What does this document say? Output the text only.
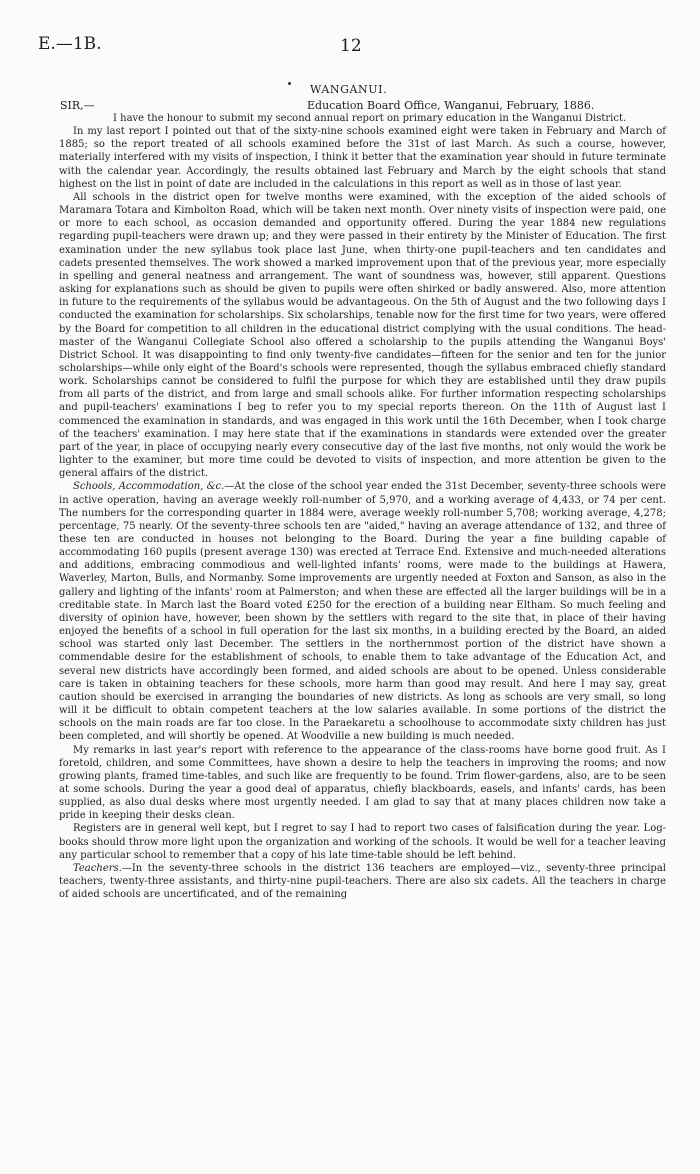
E.—1B.	12
WANGANUI.
SIR,—	Education Board Office, Wanganui, February, 1886.

I have the honour to submit my second annual report on primary education in the Wanganui District.

In my last report I pointed out that of the sixty-nine schools examined eight were taken in February and March of 1885; so the report treated of all schools examined before the 31st of last March. As such a course, however, materially interfered with my visits of inspection, I think it better that the examination year should in future terminate with the calendar year. Accordingly, the results obtained last February and March by the eight schools that stand highest on the list in point of date are included in the calculations in this report as well as in those of last year.

All schools in the district open for twelve months were examined, with the exception of the aided schools of Maramara Totara and Kimbolton Road, which will be taken next month. Over ninety visits of inspection were paid, one or more to each school, as occasion demanded and opportunity offered. During the year 1884 new regulations regarding pupil-teachers were drawn up; and they were passed in their entirety by the Minister of Education. The first examination under the new syllabus took place last June, when thirty-one pupil-teachers and ten candidates and cadets presented themselves. The work showed a marked improvement upon that of the previous year, more especially in spelling and general neatness and arrangement. The want of soundness was, however, still apparent. Questions asking for explanations such as should be given to pupils were often shirked or badly answered. Also, more attention in future to the requirements of the syllabus would be advantageous. On the 5th of August and the two following days I conducted the examination for scholarships. Six scholarships, tenable now for the first time for two years, were offered by the Board for competition to all children in the educational district complying with the usual conditions. The head-master of the Wanganui Collegiate School also offered a scholarship to the pupils attending the Wanganui Boys' District School. It was disappointing to find only twenty-five candidates—fifteen for the senior and ten for the junior scholarships—while only eight of the Board's schools were represented, though the syllabus embraced chiefly standard work. Scholarships cannot be considered to fulfil the purpose for which they are established until they draw pupils from all parts of the district, and from large and small schools alike. For further information respecting scholarships and pupil-teachers' examinations I beg to refer you to my special reports thereon. On the 11th of August last I commenced the examination in standards, and was engaged in this work until the 16th December, when I took charge of the teachers' examination. I may here state that if the examinations in standards were extended over the greater part of the year, in place of occupying nearly every consecutive day of the last five months, not only would the work be lighter to the examiner, but more time could be devoted to visits of inspection, and more attention be given to the general affairs of the district.

Schools, Accommodation, &c.—At the close of the school year ended the 31st December, seventy-three schools were in active operation, having an average weekly roll-number of 5,970, and a working average of 4,433, or 74 per cent. The numbers for the corresponding quarter in 1884 were, average weekly roll-number 5,708; working average, 4,278; percentage, 75 nearly. Of the seventy-three schools ten are "aided," having an average attendance of 132, and three of these ten are conducted in houses not belonging to the Board. During the year a fine building capable of accommodating 160 pupils (present average 130) was erected at Terrace End. Extensive and much-needed alterations and additions, embracing commodious and well-lighted infants' rooms, were made to the buildings at Hawera, Waverley, Marton, Bulls, and Normanby. Some improvements are urgently needed at Foxton and Sanson, as also in the gallery and lighting of the infants' room at Palmerston; and when these are effected all the larger buildings will be in a creditable state. In March last the Board voted £250 for the erection of a building near Eltham. So much feeling and diversity of opinion have, however, been shown by the settlers with regard to the site that, in place of their having enjoyed the benefits of a school in full operation for the last six months, in a building erected by the Board, an aided school was started only last December. The settlers in the northernmost portion of the district have shown a commendable desire for the establishment of schools, to enable them to take advantage of the Education Act, and several new districts have accordingly been formed, and aided schools are about to be opened. Unless considerable care is taken in obtaining teachers for these schools, more harm than good may result. And here I may say, great caution should be exercised in arranging the boundaries of new districts. As long as schools are very small, so long will it be difficult to obtain competent teachers at the low salaries available. In some portions of the district the schools on the main roads are far too close. In the Paraekaretu a schoolhouse to accommodate sixty children has just been completed, and will shortly be opened. At Woodville a new building is much needed.

My remarks in last year's report with reference to the appearance of the class-rooms have borne good fruit. As I foretold, children, and some Committees, have shown a desire to help the teachers in improving the rooms; and now growing plants, framed time-tables, and such like are frequently to be found. Trim flower-gardens, also, are to be seen at some schools. During the year a good deal of apparatus, chiefly blackboards, easels, and infants' cards, has been supplied, as also dual desks where most urgently needed. I am glad to say that at many places children now take a pride in keeping their desks clean.

Registers are in general well kept, but I regret to say I had to report two cases of falsification during the year. Log-books should throw more light upon the organization and working of the schools. It would be well for a teacher leaving any particular school to remember that a copy of his late time-table should be left behind.

Teachers.—In the seventy-three schools in the district 136 teachers are employed—viz., seventy-three principal teachers, twenty-three assistants, and thirty-nine pupil-teachers. There are also six cadets. All the teachers in charge of aided schools are uncertificated, and of the remaining
